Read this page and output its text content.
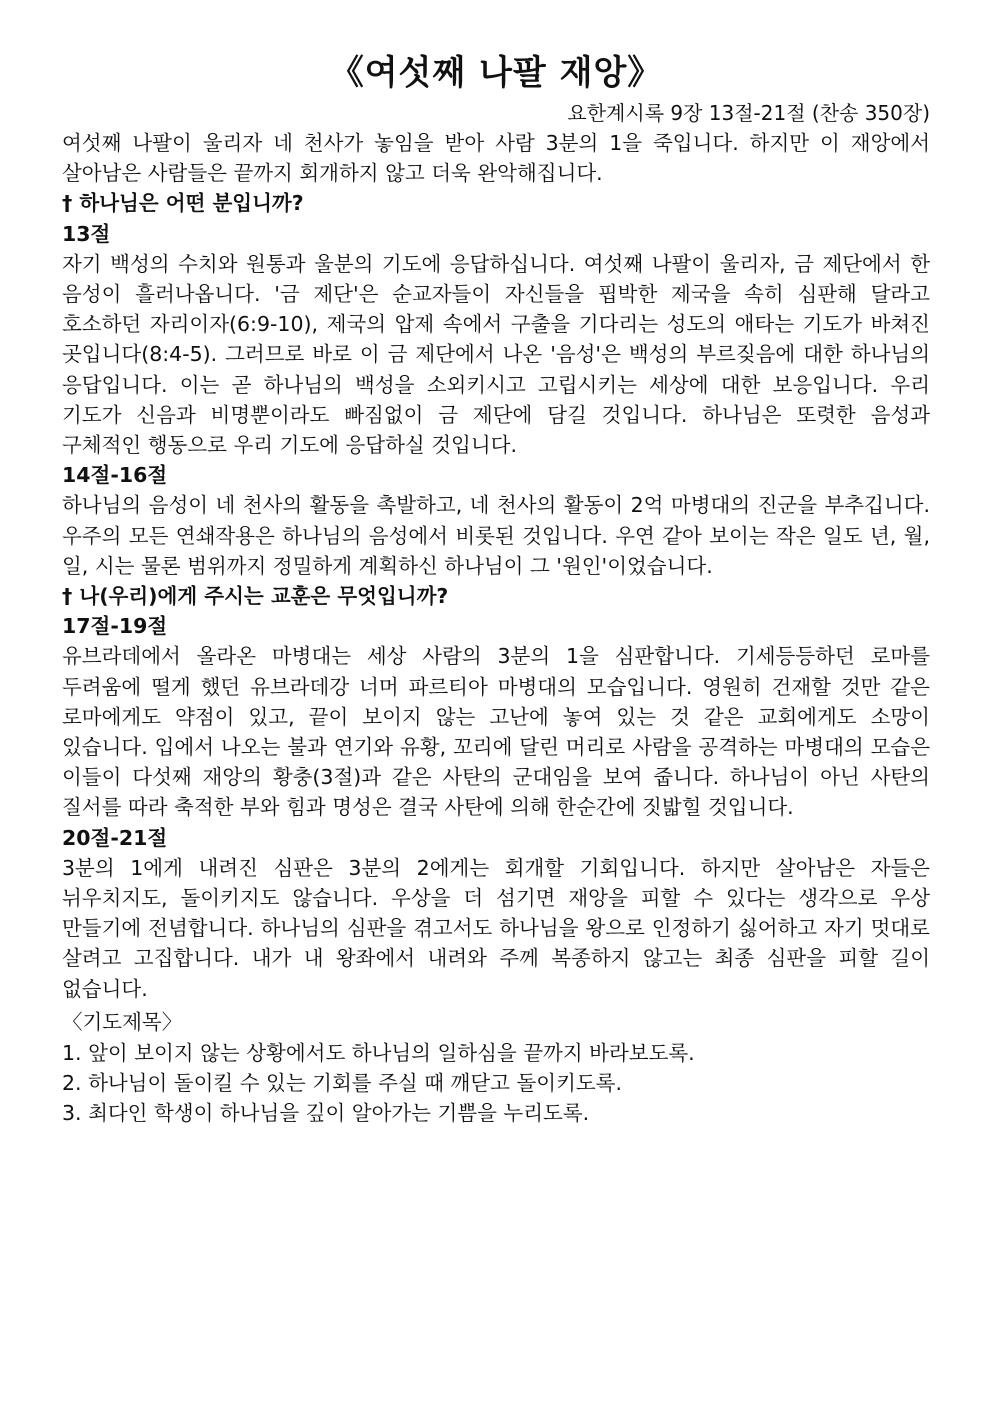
《여섯째 나팔 재앙》

요한계시록 9장 13절-21절 (찬송 350장)

여섯째 나팔이 울리자 네 천사가 놓임을 받아 사람 3분의 1을 죽입니다. 하지만 이 재앙에서 살아남은 사람들은 끝까지 회개하지 않고 더욱 완악해집니다.

† 하나님은 어떤 분입니까?

13절

자기 백성의 수치와 원통과 울분의 기도에 응답하십니다. 여섯째 나팔이 울리자, 금 제단에서 한 음성이 흘러나옵니다. '금 제단'은 순교자들이 자신들을 핍박한 제국을 속히 심판해 달라고 호소하던 자리이자(6:9-10), 제국의 압제 속에서 구출을 기다리는 성도의 애타는 기도가 바쳐진 곳입니다(8:4-5). 그러므로 바로 이 금 제단에서 나온 '음성'은 백성의 부르짖음에 대한 하나님의 응답입니다. 이는 곧 하나님의 백성을 소외키시고 고립시키는 세상에 대한 보응입니다. 우리 기도가 신음과 비명뿐이라도 빠짐없이 금 제단에 담길 것입니다. 하나님은 또렷한 음성과 구체적인 행동으로 우리 기도에 응답하실 것입니다.

14절-16절

하나님의 음성이 네 천사의 활동을 촉발하고, 네 천사의 활동이 2억 마병대의 진군을 부추깁니다. 우주의 모든 연쇄작용은 하나님의 음성에서 비롯된 것입니다. 우연 같아 보이는 작은 일도 년, 월, 일, 시는 물론 범위까지 정밀하게 계획하신 하나님이 그 '원인'이었습니다.

† 나(우리)에게 주시는 교훈은 무엇입니까?

17절-19절

유브라데에서 올라온 마병대는 세상 사람의 3분의 1을 심판합니다. 기세등등하던 로마를 두려움에 떨게 했던 유브라데강 너머 파르티아 마병대의 모습입니다. 영원히 건재할 것만 같은 로마에게도 약점이 있고, 끝이 보이지 않는 고난에 놓여 있는 것 같은 교회에게도 소망이 있습니다. 입에서 나오는 불과 연기와 유황, 꼬리에 달린 머리로 사람을 공격하는 마병대의 모습은 이들이 다섯째 재앙의 황충(3절)과 같은 사탄의 군대임을 보여 줍니다. 하나님이 아닌 사탄의 질서를 따라 축적한 부와 힘과 명성은 결국 사탄에 의해 한순간에 짓밟힐 것입니다.

20절-21절

3분의 1에게 내려진 심판은 3분의 2에게는 회개할 기회입니다. 하지만 살아남은 자들은 뉘우치지도, 돌이키지도 않습니다. 우상을 더 섬기면 재앙을 피할 수 있다는 생각으로 우상 만들기에 전념합니다. 하나님의 심판을 겪고서도 하나님을 왕으로 인정하기 싫어하고 자기 멋대로 살려고 고집합니다. 내가 내 왕좌에서 내려와 주께 복종하지 않고는 최종 심판을 피할 길이 없습니다.

〈기도제목〉

1. 앞이 보이지 않는 상황에서도 하나님의 일하심을 끝까지 바라보도록.
2. 하나님이 돌이킬 수 있는 기회를 주실 때 깨닫고 돌이키도록.
3. 최다인 학생이 하나님을 깊이 알아가는 기쁨을 누리도록.
